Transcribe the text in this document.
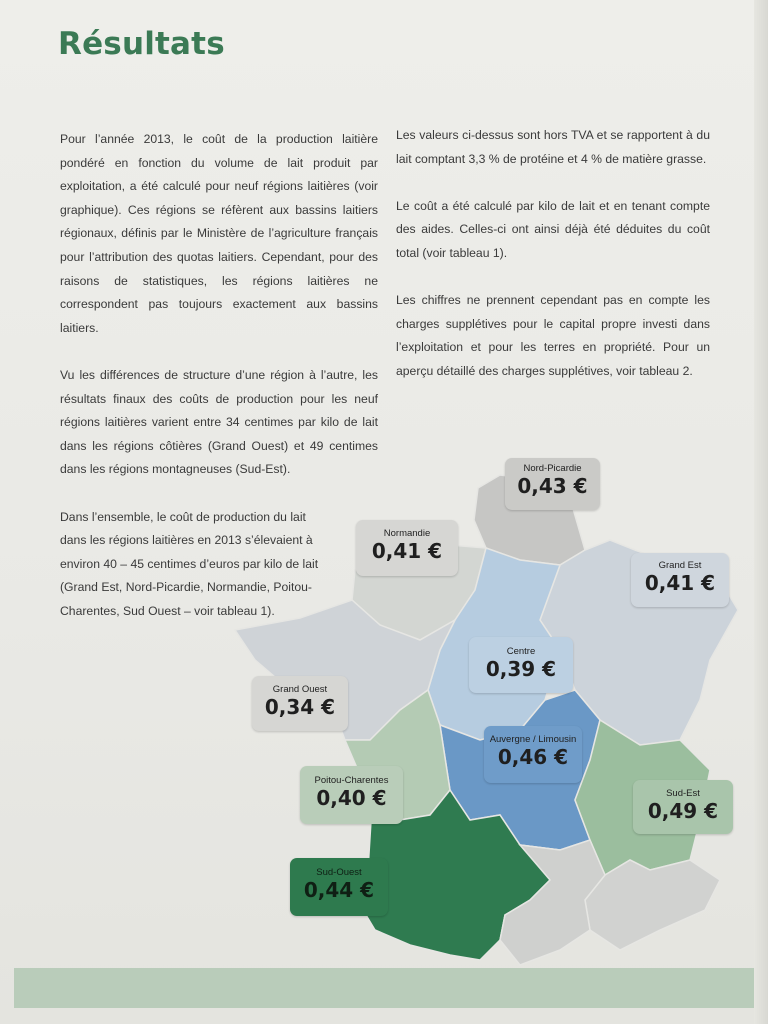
Résultats

Pour l’année 2013, le coût de la production laitière pondéré en fonction du volume de lait produit par exploitation, a été calculé pour neuf régions laitières (voir graphique). Ces régions se réfèrent aux bassins laitiers régionaux, définis par le Ministère de l’agriculture français pour l’attribution des quotas laitiers. Cependant, pour des raisons de statistiques, les régions laitières ne correspondent pas toujours exactement aux bassins laitiers.

Vu les différences de structure d’une région à l’autre, les résultats finaux des coûts de production pour les neuf régions laitières varient entre 34 centimes par kilo de lait dans les régions côtières (Grand Ouest) et 49 centimes dans les régions montagneuses (Sud-Est).

Dans l’ensemble, le coût de production du lait dans les régions laitières en 2013 s’élevaient à environ 40 – 45 centimes d’euros par kilo de lait (Grand Est, Nord-Picardie, Normandie, Poitou-Charentes, Sud Ouest – voir tableau 1).

Les valeurs ci-dessus sont hors TVA et se rapportent à du lait comptant 3,3 % de protéine et 4 % de matière grasse.

Le coût a été calculé par kilo de lait et en tenant compte des aides. Celles-ci ont ainsi déjà été déduites du coût total (voir tableau 1).

Les chiffres ne prennent cependant pas en compte les charges supplétives pour le capital propre investi dans l’exploitation et pour les terres en propriété. Pour un aperçu détaillé des charges supplétives, voir tableau 2.

Nord-Picardie
0,43 €
Normandie
0,41 €
Grand Est
0,41 €
Centre
0,39 €
Grand Ouest
0,34 €
Auvergne / Limousin
0,46 €
Poitou-Charentes
0,40 €	Sud-Est
0,49 €
Sud-Ouest
0,44 €
